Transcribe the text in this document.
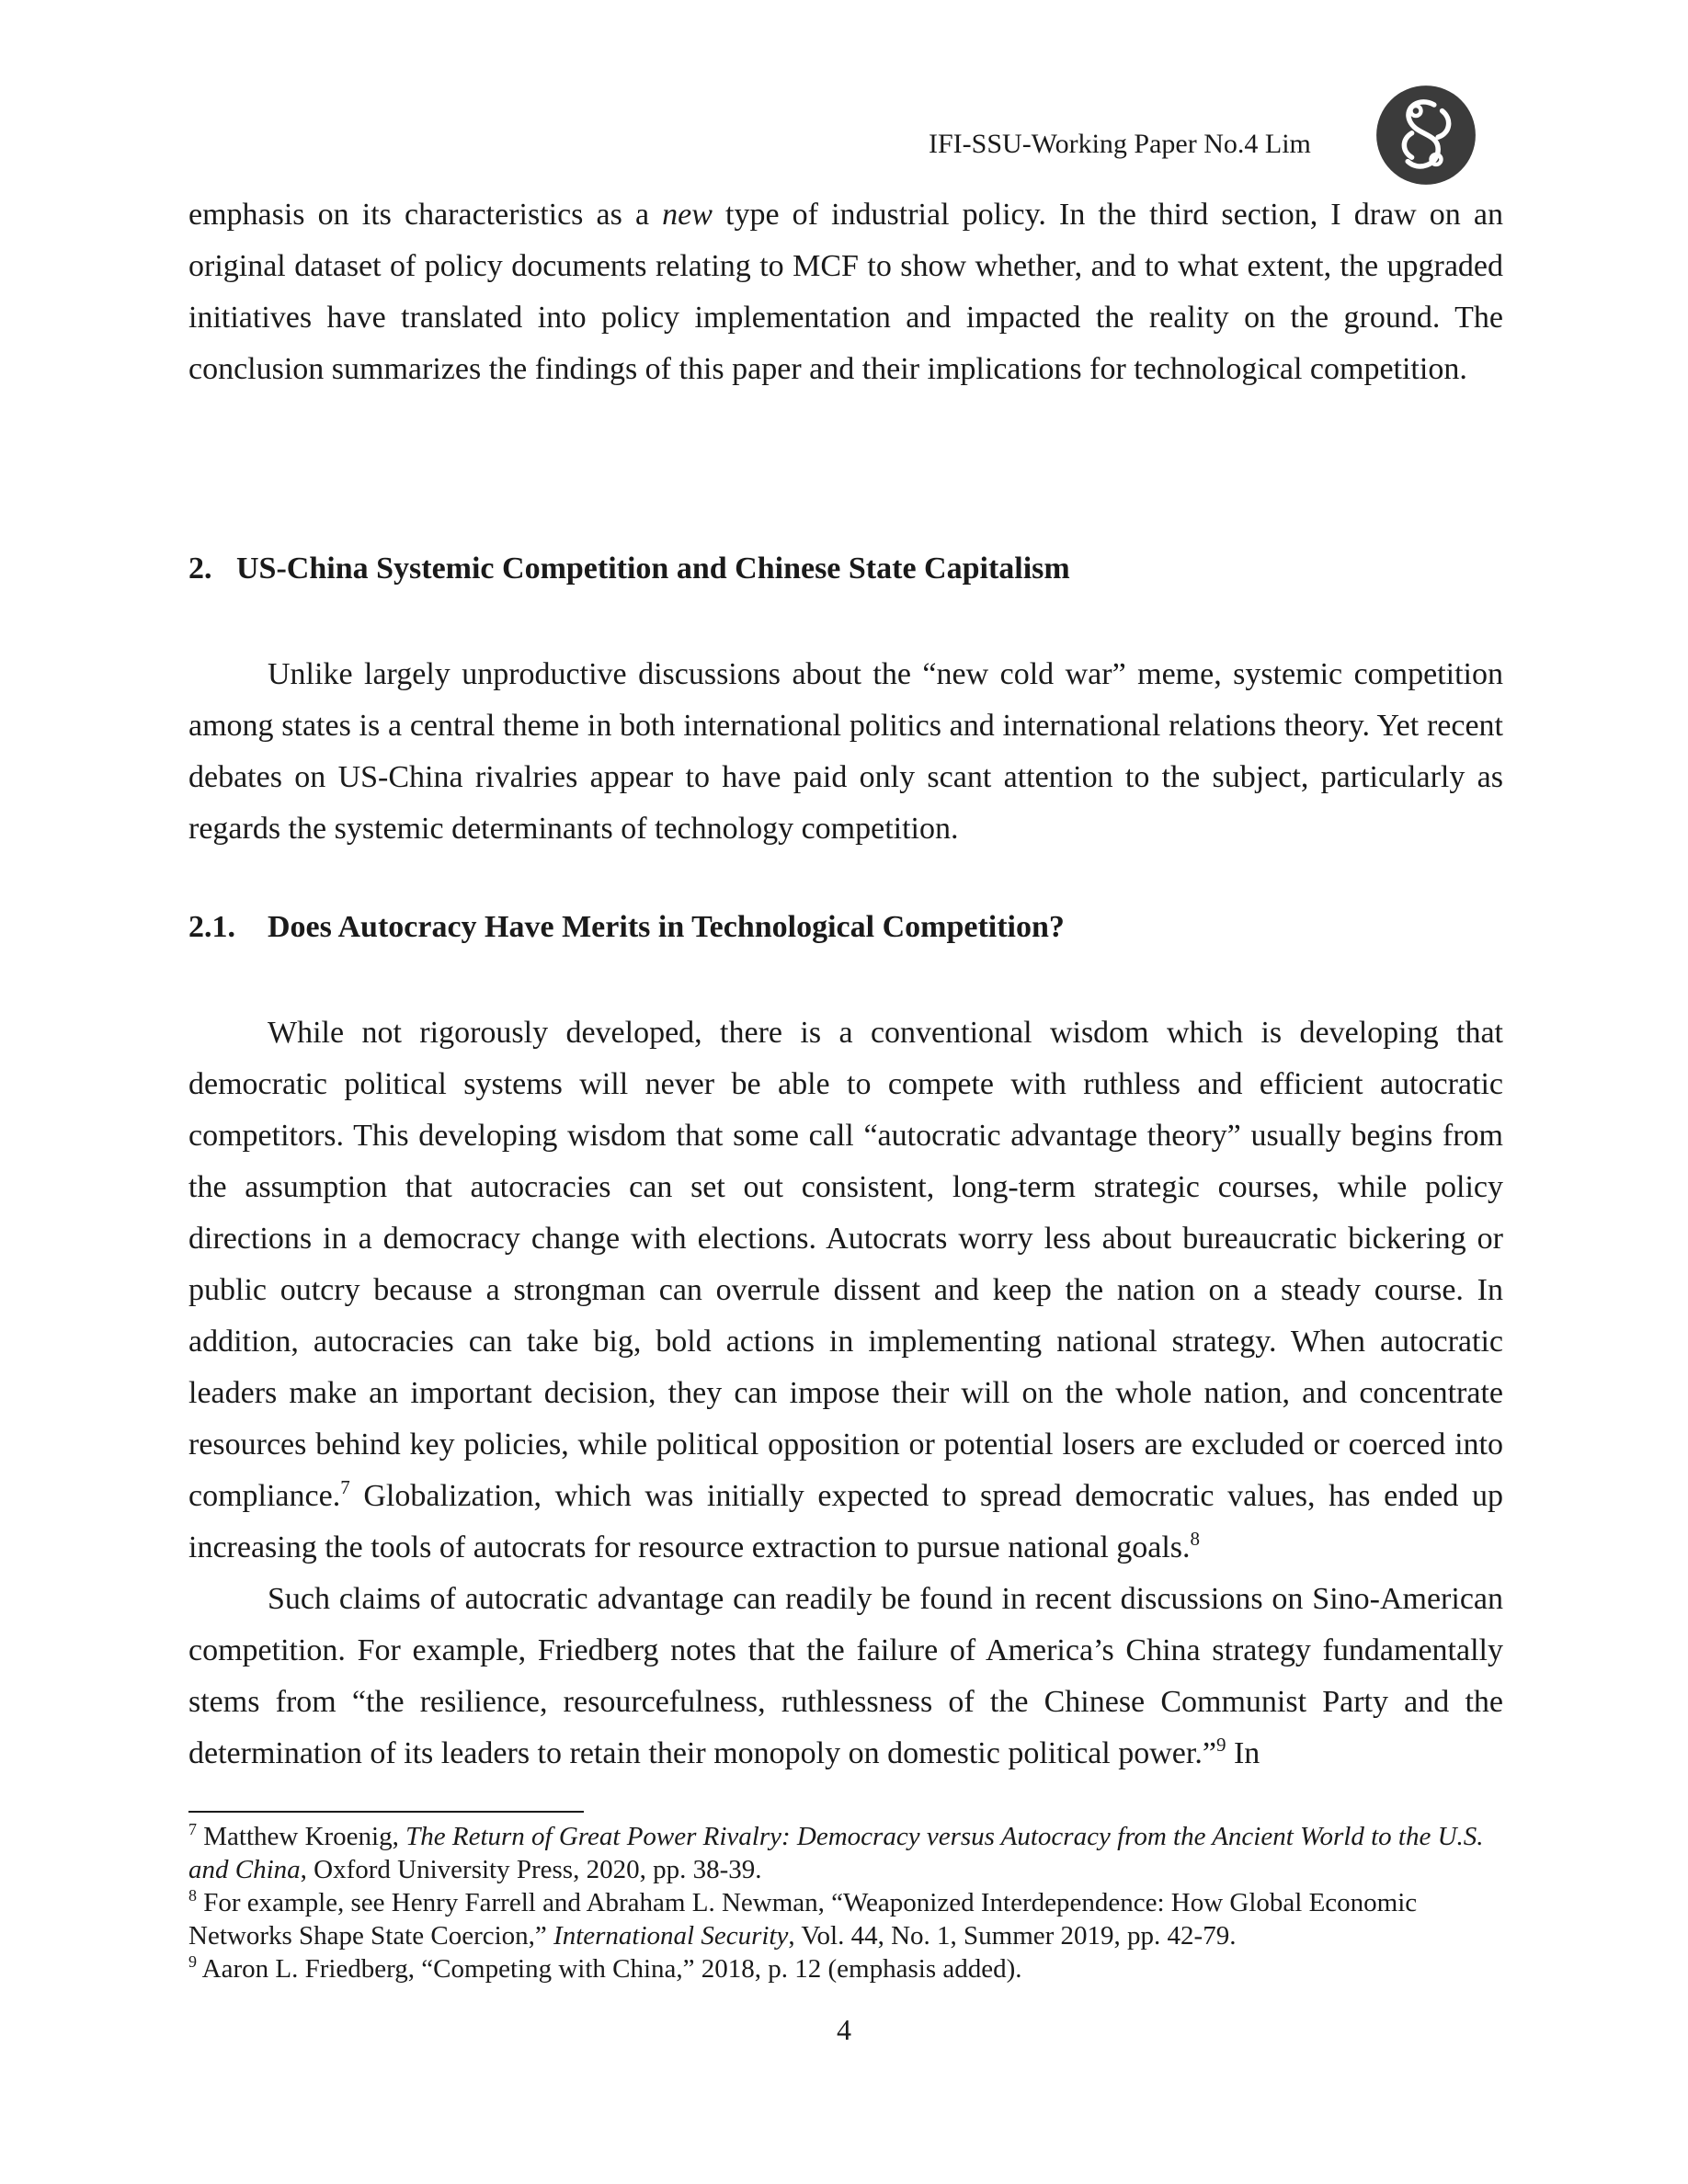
IFI-SSU-Working Paper No.4 Lim

emphasis on its characteristics as a new type of industrial policy. In the third section, I draw on an original dataset of policy documents relating to MCF to show whether, and to what extent, the upgraded initiatives have translated into policy implementation and impacted the reality on the ground. The conclusion summarizes the findings of this paper and their implications for technological competition.

2. US-China Systemic Competition and Chinese State Capitalism

Unlike largely unproductive discussions about the “new cold war” meme, systemic competition among states is a central theme in both international politics and international relations theory. Yet recent debates on US-China rivalries appear to have paid only scant attention to the subject, particularly as regards the systemic determinants of technology competition.

2.1. Does Autocracy Have Merits in Technological Competition?

While not rigorously developed, there is a conventional wisdom which is developing that democratic political systems will never be able to compete with ruthless and efficient autocratic competitors. This developing wisdom that some call “autocratic advantage theory” usually begins from the assumption that autocracies can set out consistent, long-term strategic courses, while policy directions in a democracy change with elections. Autocrats worry less about bureaucratic bickering or public outcry because a strongman can overrule dissent and keep the nation on a steady course. In addition, autocracies can take big, bold actions in implementing national strategy. When autocratic leaders make an important decision, they can impose their will on the whole nation, and concentrate resources behind key policies, while political opposition or potential losers are excluded or coerced into compliance.$^7$ Globalization, which was initially expected to spread democratic values, has ended up increasing the tools of autocrats for resource extraction to pursue national goals.$^8$

Such claims of autocratic advantage can readily be found in recent discussions on Sino-American competition. For example, Friedberg notes that the failure of America’s China strategy fundamentally stems from “the resilience, resourcefulness, ruthlessness of the Chinese Communist Party and the determination of its leaders to retain their monopoly on domestic political power.”$^9$ In

$^7$ Matthew Kroenig, The Return of Great Power Rivalry: Democracy versus Autocracy from the Ancient World to the U.S. and China, Oxford University Press, 2020, pp. 38-39.

$^8$ For example, see Henry Farrell and Abraham L. Newman, “Weaponized Interdependence: How Global Economic Networks Shape State Coercion,” International Security, Vol. 44, No. 1, Summer 2019, pp. 42-79.

$^9$ Aaron L. Friedberg, “Competing with China,” 2018, p. 12 (emphasis added).

4
